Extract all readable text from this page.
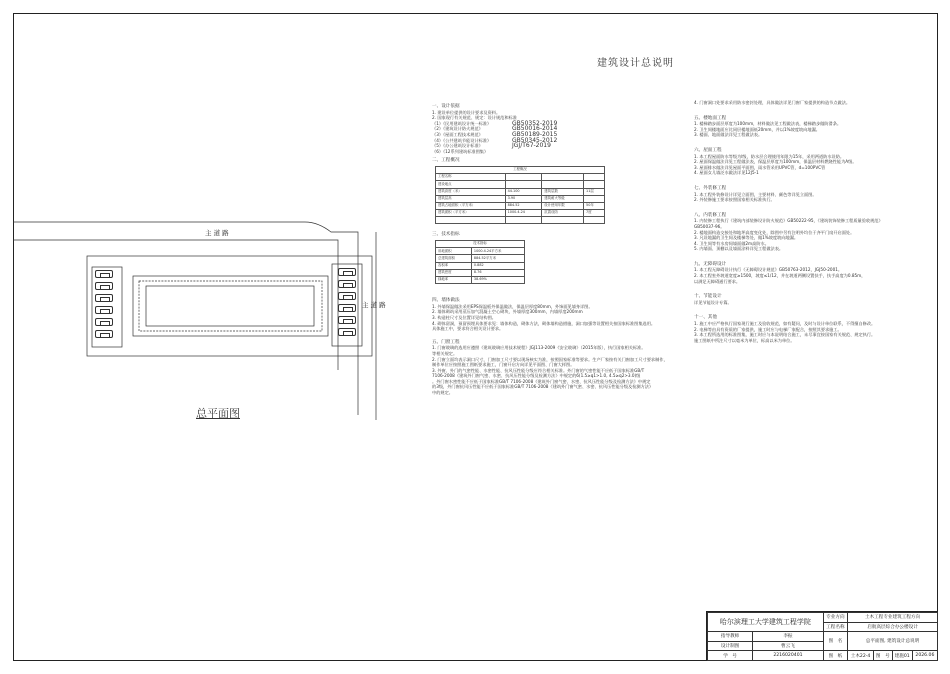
建筑设计总说明
主 道 路
主 道 路
总平面图
一、设计依据
1. 建设单位提供的设计要求及资料。
2. 国家现行有关规范、规定：设计规范和标准
《1》《民用建筑设计统一标准》	GB50352-2019
《2》《建筑设计防火规范》	GB50016-2014
《3》《屋面工程技术规范》	GB50189-2015
《4》《公共建筑节能设计标准》	GB50345-2012
《5》《办公建筑设计标准》	JGJ/T67-2019
《6》《12系列建筑标准图集》
二、工程概况
工程概况			
工程名称			
建设地点			
建筑高度（米）	44.100	建筑层数	11层
建筑层高	3.90	建筑耐火等级	
建筑占地面积（平方米）	884.52	设计使用年限	50年
建筑面积（平方米）	1000.4.24	抗震设防	7度

三、技术指标
技术指标	
用地面积	1000.4.24平方米
总建筑面积	884.52平方米
容积率	0.882
建筑密度	8.76
绿地率	38.69%
四、墙体做法
1. 外墙保温做法采用EPS保温板外保温做法，保温层厚度80mm，外饰面见墙身详图。
2. 墙体砌筑采用蒸压加气混凝土空心砌块，外墙厚度300mm，内墙厚度200mm
3. 构造柱尺寸及位置详见结构图。
4. 砌体留洞，预留预埋具体要求见：墙体构造，砌体方法，砌体墙构造措施，洞口加强等设置相关按国家标准图集选用。
具体施工中，要求符合相关设计要求。
五、门窗工程
1. 门窗玻璃的选用应遵照《建筑玻璃应用技术规程》JGJ113-2009《安全玻璃》（2015年版），执行国家相关标准。
等相关规定。
2. 门窗立面均表示洞口尺寸，门窗加工尺寸要以现场核实为准，按照国家标准等要求。生产厂家按有关门窗加工尺寸要求制作，
制作单位应按照施工图纸要求施工，门窗开启方向详见平面图、门窗大样图。
3. 外窗、外门的气密性能、水密性能、抗风压性能分级应符合相关标准。外门窗的气密性能不应低于国家标准GB/T
7106-2008《建筑外门窗气密、水密、抗风压性能分级及检测方法》中规定的6(1.5≥q1>1.0, 4.5≥q2>3.0)级
。外门窗水密性能不应低于国家标准GB/T 7106-2008《建筑外门窗气密、水密、抗风压性能分级及检测方法》中规定
的3级，外门窗抗风压性能不应低于国家标准GB/T 7106-2008《建筑外门窗气密、水密、抗风压性能分级及检测方法》
中的规定。
4. 门窗洞口处要求采用防水密封处理，具体做法详见门窗厂家提供的构造节点做法。
五、楼地面工程
1. 楼梯踏步面层厚度为100mm，材料做法见工程做法表，楼梯踏步做防滑条。
2. 卫生间楼地面应比同层楼地面低20mm，并以1%坡度坡向地漏。
3. 楼面、地面做法详见工程做法表。
六、屋面工程
1. 本工程屋面防水等级为Ⅰ级，防水层合理使用年限为15年，采用两道防水设防。
2. 屋面保温做法详见工程做法表，保温层厚度为100mm，保温层材料燃烧性能为A级。
3. 屋面排水做法详见屋面平面图，雨水管采用UPVC管，d=100PVC管
4. 屋面女儿墙泛水做法详见12J5-1
七、外装修工程
1. 本工程外装修设计详见立面图，主要材料、颜色等详见立面图。
2. 外装修施工要求按照国家相关标准执行。
八、内装修工程
1. 内装修工程执行《建筑内部装修设计防火规范》GB50222-95，《建筑装饰装修工程质量验收规范》
GB50037-96。
2. 楼地面构造交接处和地坪高度变化处，除图中另有注明外均位于齐平门扇开启面处。
3. 凡设地漏的卫生间及楼梯等处，做1%坡度坡向地漏。
4. 卫生间等有水房间墙面做2m高防水。
5. 内墙面、顶棚以及墙面涂料详见工程做法表。
九、无障碍设计
1. 本工程无障碍设计执行《无障碍设计规范》GB50763-2012，JGJ50-2001。
2. 本工程室外坡道宽度≥1500，坡度≤1/12，并在坡道两侧设置扶手，扶手高度为0.85m，
以满足无障碍通行要求。
十、节能设计
详见节能设计专篇。
十一、其他
1. 施工中应严格执行国家现行施工及验收规范，如有疑问，及时与设计单位联系，不得擅自修改。
2. 电梯等由具有资质的厂家提供，施工时应与电梯厂家配合，按照其要求施工。
3. 本工程所选用的标准图集，施工时应与本说明结合施工，未尽事宜按国家有关规范、规定执行。
施工图纸中所注尺寸以毫米为单位，标高以米为单位。
哈尔滨理工大学建筑工程学院		专业方向	土木工程专业建筑工程方向			
		工程名称	启航高层综合办公楼设计			
指导教师	李振	图　名	总平面图, 建筑设计总说明			
设计制图	曹云飞					
学　号	2216020401	图　纸	土木22-4	图　号	建施01	2026.06
